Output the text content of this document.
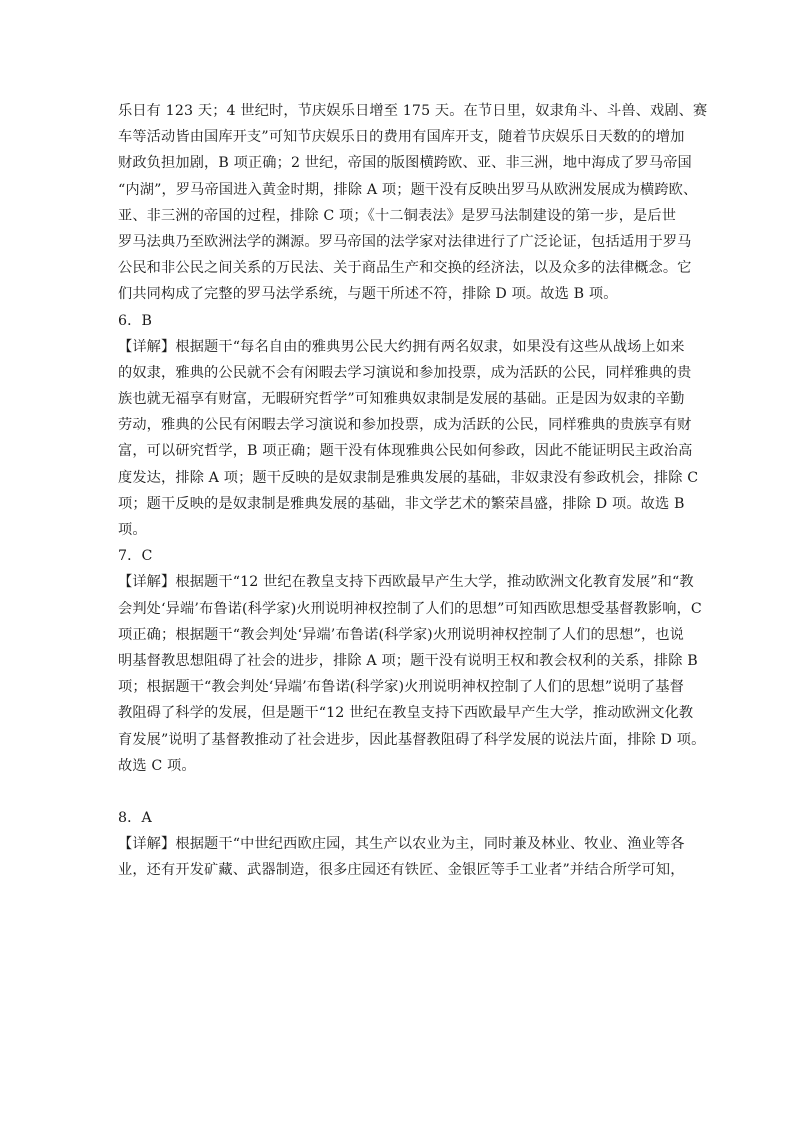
乐日有 123 天；4 世纪时，节庆娱乐日增至 175 天。在节日里，奴隶角斗、斗兽、戏剧、赛
车等活动皆由国库开支”可知节庆娱乐日的费用有国库开支，随着节庆娱乐日天数的的增加
财政负担加剧，B 项正确；2 世纪，帝国的版图横跨欧、亚、非三洲，地中海成了罗马帝国
“内湖”，罗马帝国进入黄金时期，排除 A 项；题干没有反映出罗马从欧洲发展成为横跨欧、
亚、非三洲的帝国的过程，排除 C 项；《十二铜表法》是罗马法制建设的第一步，是后世
罗马法典乃至欧洲法学的渊源。罗马帝国的法学家对法律进行了广泛论证，包括适用于罗马
公民和非公民之间关系的万民法、关于商品生产和交换的经济法，以及众多的法律概念。它
们共同构成了完整的罗马法学系统，与题干所述不符，排除 D 项。故选 B 项。
6．B
【详解】根据题干“每名自由的雅典男公民大约拥有两名奴隶，如果没有这些从战场上如来
的奴隶，雅典的公民就不会有闲暇去学习演说和参加投票，成为活跃的公民，同样雅典的贵
族也就无福享有财富，无暇研究哲学”可知雅典奴隶制是发展的基础。正是因为奴隶的辛勤
劳动，雅典的公民有闲暇去学习演说和参加投票，成为活跃的公民，同样雅典的贵族享有财
富，可以研究哲学，B 项正确；题干没有体现雅典公民如何参政，因此不能证明民主政治高
度发达，排除 A 项；题干反映的是奴隶制是雅典发展的基础，非奴隶没有参政机会，排除 C
项；题干反映的是奴隶制是雅典发展的基础，非文学艺术的繁荣昌盛，排除 D 项。故选 B
项。
7．C
【详解】根据题干“12 世纪在教皇支持下西欧最早产生大学，推动欧洲文化教育发展”和“教
会判处‘异端’布鲁诺(科学家)火刑说明神权控制了人们的思想”可知西欧思想受基督教影响，C
项正确；根据题干“教会判处‘异端’布鲁诺(科学家)火刑说明神权控制了人们的思想”，也说
明基督教思想阻碍了社会的进步，排除 A 项；题干没有说明王权和教会权利的关系，排除 B
项；根据题干“教会判处‘异端’布鲁诺(科学家)火刑说明神权控制了人们的思想”说明了基督
教阻碍了科学的发展，但是题干“12 世纪在教皇支持下西欧最早产生大学，推动欧洲文化教
育发展”说明了基督教推动了社会进步，因此基督教阻碍了科学发展的说法片面，排除 D 项。
故选 C 项。
8．A
【详解】根据题干“中世纪西欧庄园，其生产以农业为主，同时兼及林业、牧业、渔业等各
业，还有开发矿藏、武器制造，很多庄园还有铁匠、金银匠等手工业者”并结合所学可知，
